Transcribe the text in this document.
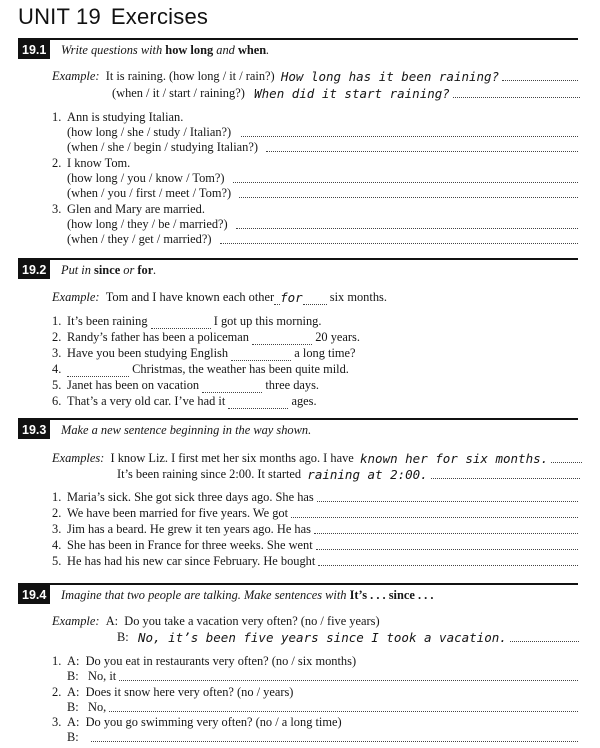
UNIT 19 Exercises
19.1	Write questions with how long and when.
Example:
It is raining. (how long / it / rain?)
How long has it been raining?
(when / it / start / raining?)
When did it start raining?
1. Ann is studying Italian.
(how long / she / study / Italian?)
(when / she / begin / studying Italian?)
2. I know Tom.
(how long / you / know / Tom?)
(when / you / first / meet / Tom?)
3. Glen and Mary are married.
(how long / they / be / married?)
(when / they / get / married?)
19.2	Put in since or for.
Example:
Tom and I have known each other for
six months.
1. It’s been raining

	I got up this morning.
2. Randy’s father has been a policeman

	20 years.
3. Have you been studying English

	a long time?
4.
	Christmas, the weather has been quite mild.
5. Janet has been on vacation

	three days.
6. That’s a very old car. I’ve had it

	ages.
19.3	Make a new sentence beginning in the way shown.
Examples:
I know Liz. I first met her six months ago. I have
known her for six months.
It’s been raining since 2:00. It started
raining at 2:00.
1. Maria’s sick. She got sick three days ago. She has
2. We have been married for five years. We got
3. Jim has a beard. He grew it ten years ago. He has
4. She has been in France for three weeks. She went
5. He has had his new car since February. He bought
19.4	Imagine that two people are talking. Make sentences with It’s . . . since . . .
Example:
A:
Do you take a vacation very often? (no / five years)
B:
No, it’s been five years since I took a vacation.
1. A:
Do you eat in restaurants very often? (no / six months)
B:
No, it
2. A:
Does it snow here very often? (no / years)
B:
No,
3. A:
Do you go swimming very often? (no / a long time)
B:
